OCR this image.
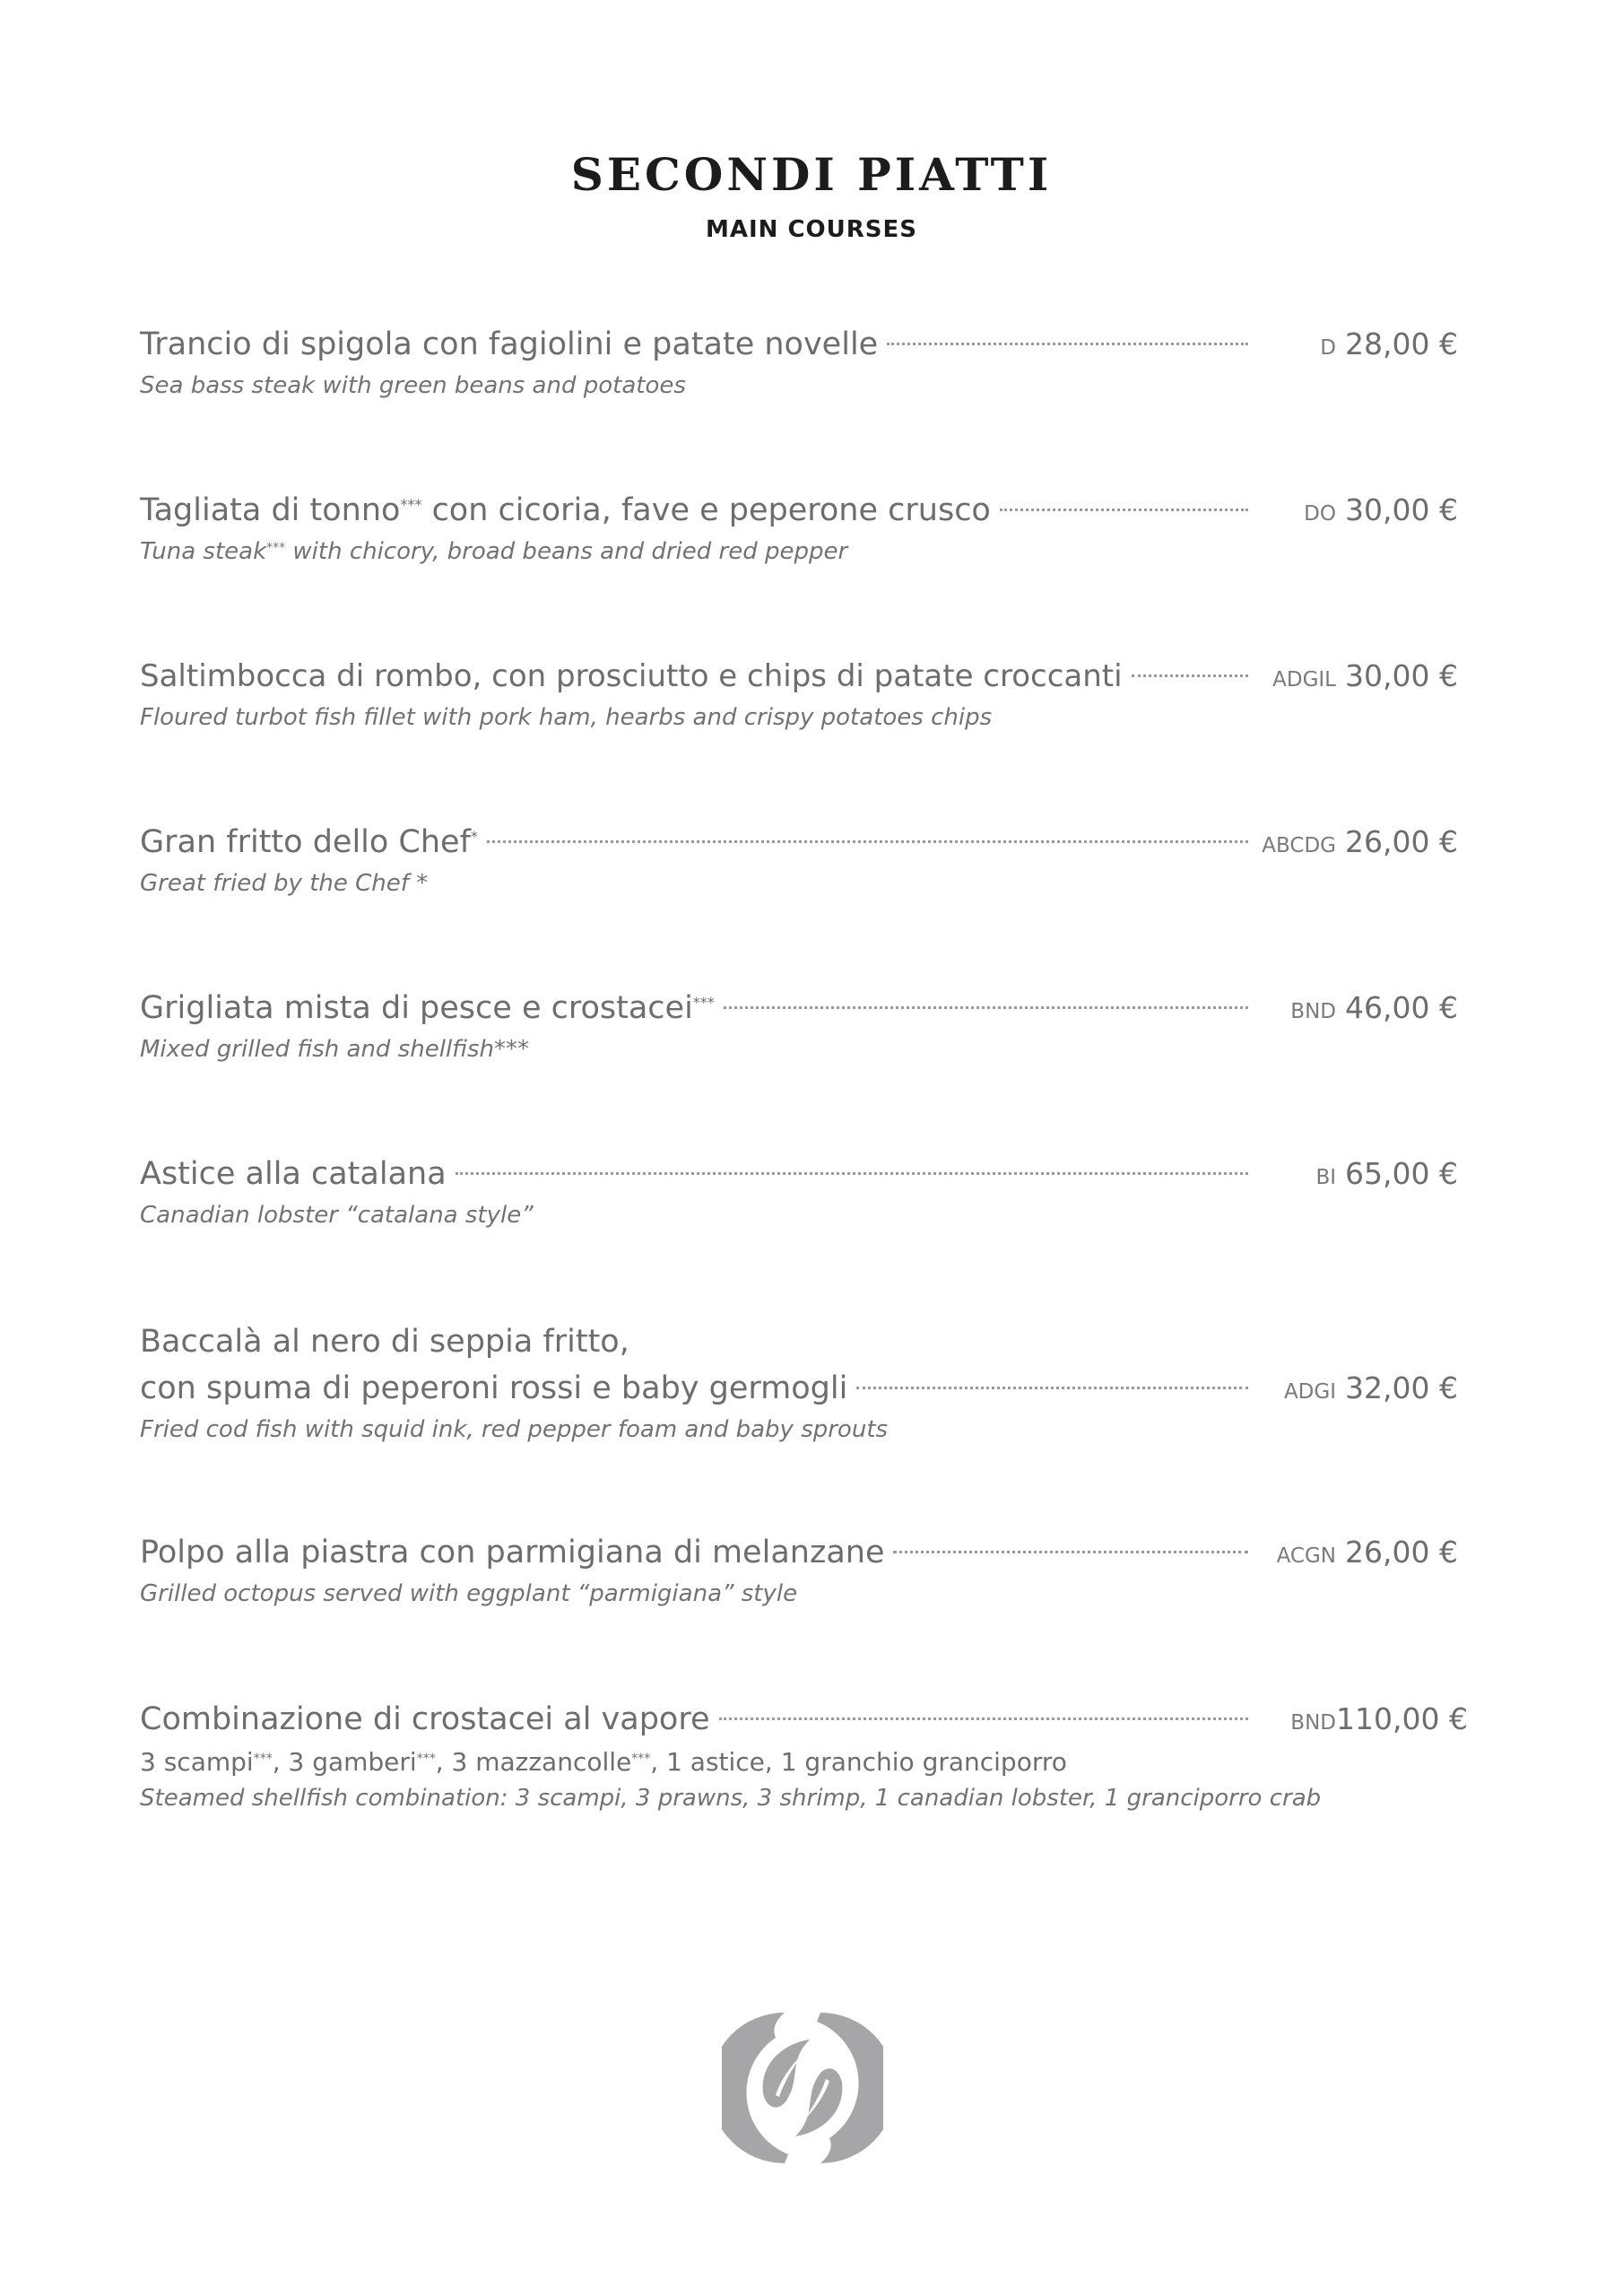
SECONDI PIATTI
MAIN COURSES
Trancio di spigola con fagiolini e patate novelle	D 28,00 €
Sea bass steak with green beans and potatoes
Tagliata di tonno*** con cicoria, fave e peperone crusco	DO 30,00 €
Tuna steak*** with chicory, broad beans and dried red pepper
Saltimbocca di rombo, con prosciutto e chips di patate croccanti	ADGIL 30,00 €
Floured turbot fish fillet with pork ham, hearbs and crispy potatoes chips
Gran fritto dello Chef*	ABCDG 26,00 €
Great fried by the Chef *
Grigliata mista di pesce e crostacei***	BND 46,00 €
Mixed grilled fish and shellfish***
Astice alla catalana	BI 65,00 €
Canadian lobster “catalana style”
Baccalà al nero di seppia fritto,
con spuma di peperoni rossi e baby germogli	ADGI 32,00 €
Fried cod fish with squid ink, red pepper foam and baby sprouts
Polpo alla piastra con parmigiana di melanzane	ACGN 26,00 €
Grilled octopus served with eggplant “parmigiana” style
Combinazione di crostacei al vapore	BND 110,00 €
3 scampi***, 3 gamberi***, 3 mazzancolle***, 1 astice, 1 granchio granciporro
Steamed shellfish combination: 3 scampi, 3 prawns, 3 shrimp, 1 canadian lobster, 1 granciporro crab
